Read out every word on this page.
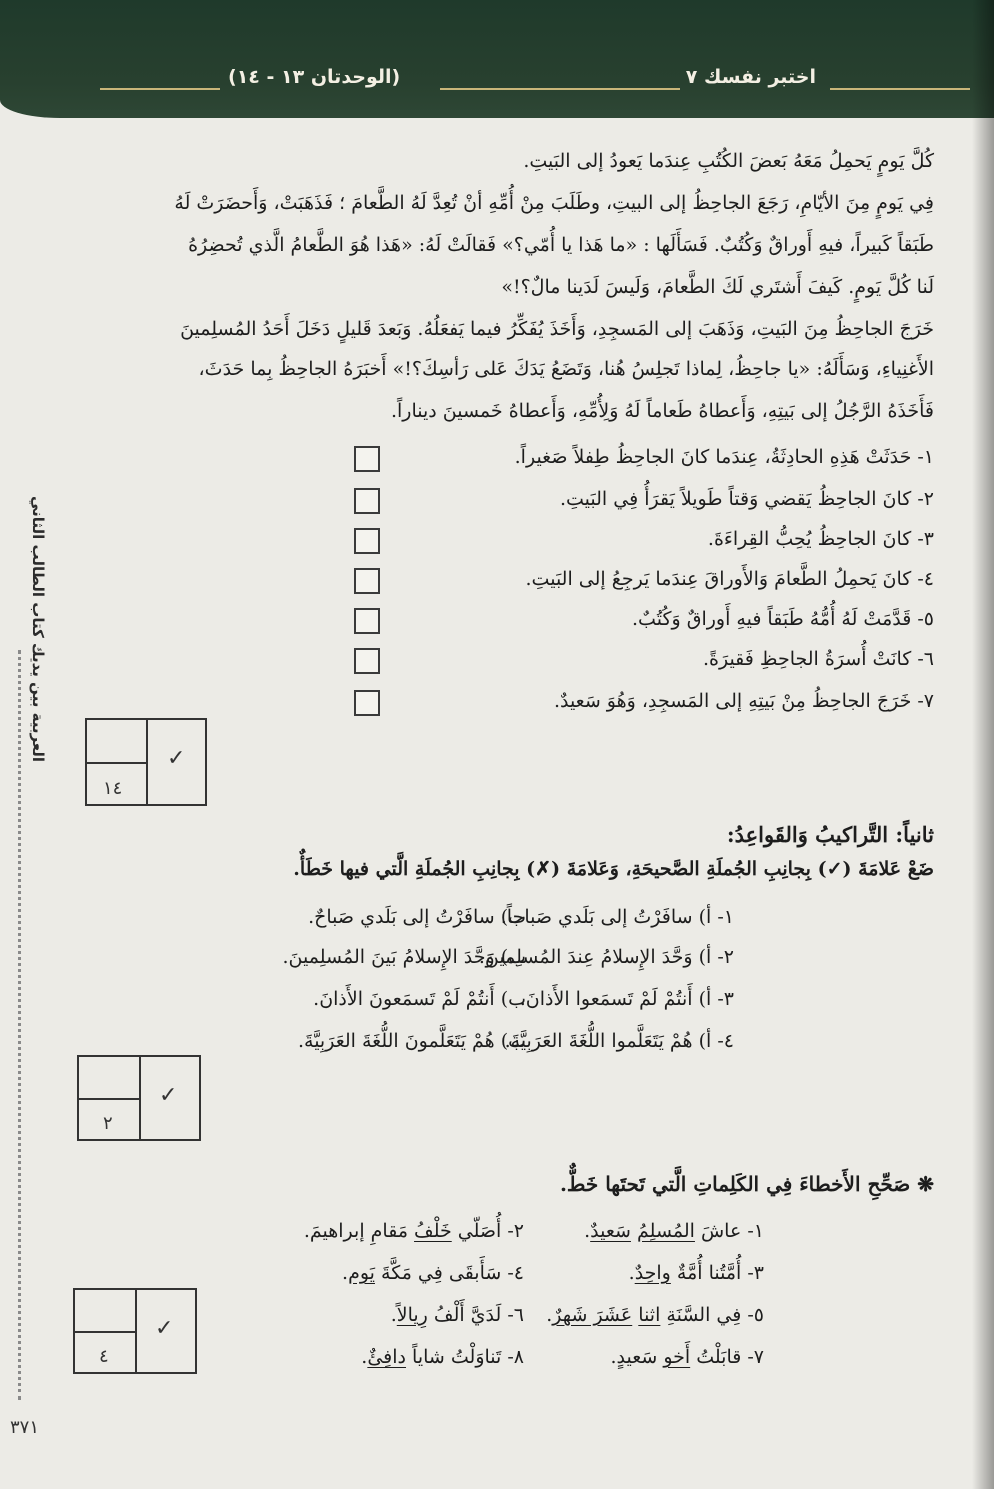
اختبر نفسك ٧
(الوحدتان ١٣ - ١٤)
العربية بين يديك كتاب الطالب الثاني
كُلَّ يَومٍ يَحمِلُ مَعَهُ بَعضَ الكُتُبِ عِندَما يَعودُ إلى البَيتِ.
فِي يَومٍ مِنَ الأيّامِ، رَجَعَ الجاحِظُ إلى البيتِ، وطَلَبَ مِنْ أُمِّهِ أنْ تُعِدَّ لَهُ الطَّعامَ ؛ فَذَهَبَتْ، وَأَحضَرَتْ لَهُ
طَبَقاً كَبيراً، فيهِ أَوراقٌ وَكُتُبٌ. فَسَأَلَها : «ما هَذا يا أُمّي؟» فَقالَتْ لَهُ: «هَذا هُوَ الطَّعامُ الَّذي تُحضِرُهُ
لَنا كُلَّ يَومٍ. كَيفَ أَشتَري لَكَ الطَّعامَ، وَلَيسَ لَدَينا مالٌ؟!»
خَرَجَ الجاحِظُ مِنَ البَيتِ، وَذَهَبَ إلى المَسجِدِ، وَأَخَذَ يُفَكِّرُ فيما يَفعَلُهُ. وَبَعدَ قَليلٍ دَخَلَ أَحَدُ المُسلِمينَ
الأَغنِياءِ، وَسَأَلَهُ: «يا جاحِظُ، لِماذا تَجلِسُ هُنا، وَتَضَعُ يَدَكَ عَلى رَأسِكَ؟!» أَخبَرَهُ الجاحِظُ بِما حَدَثَ،
فَأَخَذَهُ الرَّجُلُ إلى بَيتِهِ، وَأَعطاهُ طَعاماً لَهُ وَلِأُمِّهِ، وَأَعطاهُ خَمسينَ ديناراً.
١- حَدَثَتْ هَذِهِ الحادِثَةُ، عِندَما كانَ الجاحِظُ طِفلاً صَغيراً.
٢- كانَ الجاحِظُ يَقضي وَقتاً طَويلاً يَقرَأُ فِي البَيتِ.
٣- كانَ الجاحِظُ يُحِبُّ القِراءَةَ.
٤- كانَ يَحمِلُ الطَّعامَ وَالأَوراقَ عِندَما يَرجِعُ إلى البَيتِ.
٥- قَدَّمَتْ لَهُ أُمُّهُ طَبَقاً فيهِ أَوراقٌ وَكُتُبٌ.
٦- كانَتْ أُسرَةُ الجاحِظِ فَقيرَةً.
٧- خَرَجَ الجاحِظُ مِنْ بَيتِهِ إلى المَسجِدِ، وَهُوَ سَعيدٌ.
✓
١٤
ثانياً: التَّراكيبُ وَالقَواعِدُ:
ضَعْ عَلامَةَ (✓) بِجانِبِ الجُملَةِ الصَّحيحَةِ، وَعَلامَةَ (✗) بِجانِبِ الجُملَةِ الَّتي فيها خَطَأٌ.
١- أ) سافَرْتُ إلى بَلَدي صَباحاً.
ب) سافَرْتُ إلى بَلَدي صَباحٌ.
٢- أ) وَحَّدَ الإِسلامُ عِندَ المُسلِمينَ.
ب) وَحَّدَ الإِسلامُ بَينَ المُسلِمينَ.
٣- أ) أَنتُمْ لَمْ تَسمَعوا الأَذانَ.
ب) أَنتُمْ لَمْ تَسمَعونَ الأَذانَ.
٤- أ) هُمْ يَتَعَلَّموا اللُّغَةَ العَرَبِيَّةَ.
ب) هُمْ يَتَعَلَّمونَ اللُّغَةَ العَرَبِيَّةَ.
✓
٢
❋ صَحِّحِ الأَخطاءَ فِي الكَلِماتِ الَّتي تَحتَها خَطٌّ.
١- عاشَ المُسلِمُ سَعيدٌ.
٢- أُصَلّي خَلْفُ مَقامِ إبراهيمَ.
٣- أُمَّتُنا أُمَّةٌ واحِدٌ.
٤- سَأَبقَى فِي مَكَّةَ يَوم.
٥- فِي السَّنَةِ اثنا عَشَرَ شَهرٌ.
٦- لَدَيَّ أَلْفُ رِيالاً.
٧- قابَلْتُ أَخو سَعيدٍ.
٨- تَناوَلْتُ شاياً دافِئٌ.
✓
٤
٣٧١
